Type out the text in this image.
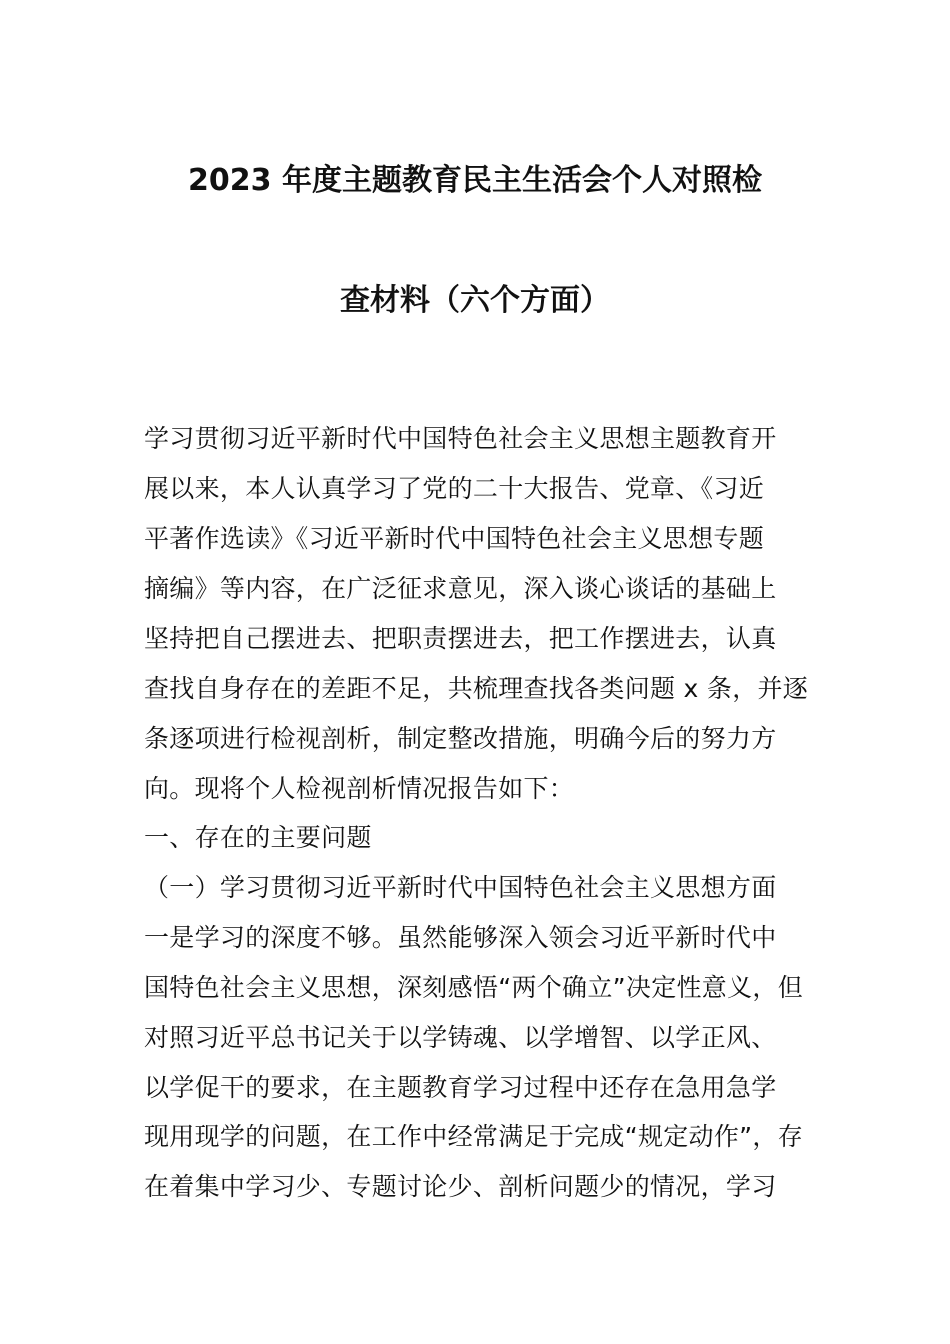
2023 年度主题教育民主生活会个人对照检
查材料（六个方面）
学习贯彻习近平新时代中国特色社会主义思想主题教育开
展以来，本人认真学习了党的二十大报告、党章、《习近
平著作选读》《习近平新时代中国特色社会主义思想专题
摘编》等内容，在广泛征求意见，深入谈心谈话的基础上
坚持把自己摆进去、把职责摆进去，把工作摆进去，认真
查找自身存在的差距不足，共梳理查找各类问题 x 条，并逐
条逐项进行检视剖析，制定整改措施，明确今后的努力方
向。现将个人检视剖析情况报告如下：
一、存在的主要问题
（一）学习贯彻习近平新时代中国特色社会主义思想方面
一是学习的深度不够。虽然能够深入领会习近平新时代中
国特色社会主义思想，深刻感悟“两个确立”决定性意义，但
对照习近平总书记关于以学铸魂、以学增智、以学正风、
以学促干的要求，在主题教育学习过程中还存在急用急学
现用现学的问题，在工作中经常满足于完成“规定动作”，存
在着集中学习少、专题讨论少、剖析问题少的情况，学习
